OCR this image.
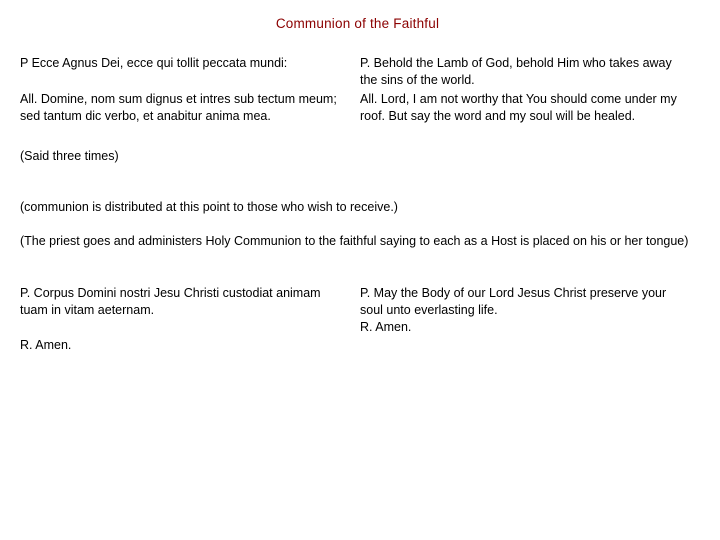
Communion of the Faithful

P Ecce Agnus Dei, ecce qui tollit peccata mundi:	P. Behold the Lamb of God, behold Him who takes away the sins of the world.

All. Domine, nom sum dignus et intres sub tectum meum; sed tantum dic verbo, et anabitur anima mea.

All. Lord, I am not worthy that You should come under my roof. But say the word and my soul will be healed.

(Said three times)

(communion is distributed at this point to those who wish to receive.)

(The priest goes and administers Holy Communion to the faithful saying to each as a Host is placed on his or her tongue)

P. Corpus Domini nostri Jesu Christi custodiat animam tuam in vitam aeternam.

P. May the Body of our Lord Jesus Christ preserve your soul unto everlasting life.
R. Amen.

R. Amen.
